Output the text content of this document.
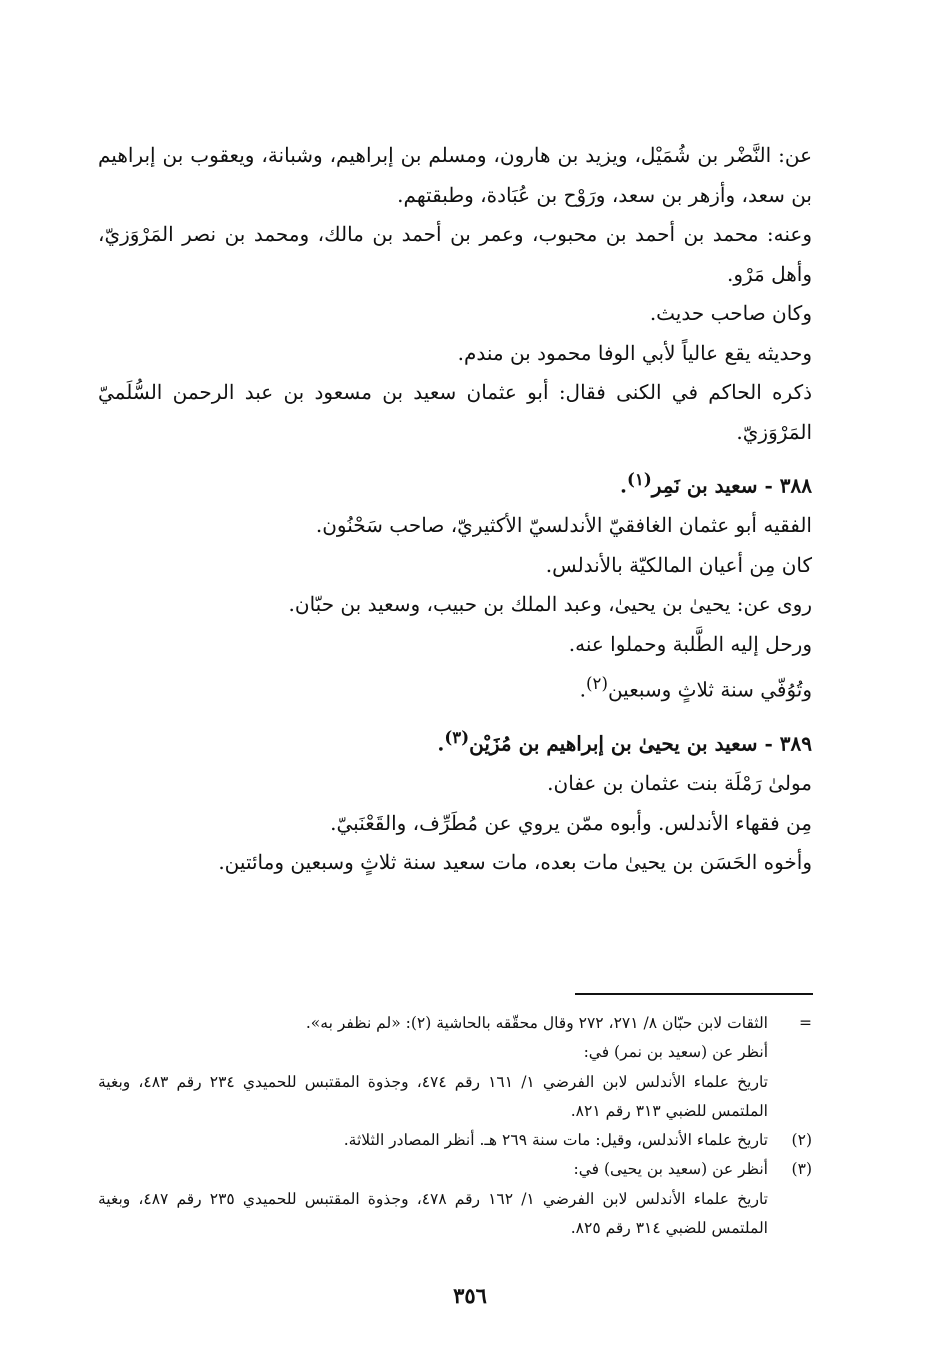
عن: النَّضْر بن شُمَيْل، ويزيد بن هارون، ومسلم بن إبراهيم، وشبانة، ويعقوب بن إبراهيم بن سعد، وأزهر بن سعد، ورَوْح بن عُبَادة، وطبقتهم.

وعنه: محمد بن أحمد بن محبوب، وعمر بن أحمد بن مالك، ومحمد بن نصر المَرْوَزيّ، وأهل مَرْو.

وكان صاحب حديث.

وحديثه يقع عالياً لأبي الوفا محمود بن مندم.

ذكره الحاكم في الكنى فقال: أبو عثمان سعيد بن مسعود بن عبد الرحمن السُّلَميّ المَرْوَزيّ.

٣٨٨ - سعيد بن نَمِر$^{(١)}$.

الفقيه أبو عثمان الغافقيّ الأندلسيّ الأكثيريّ، صاحب سَحْنُون.

كان مِن أعيان المالكيّة بالأندلس.

روى عن: يحيىٰ بن يحيىٰ، وعبد الملك بن حبيب، وسعيد بن حبّان.

ورحل إليه الطَّلبة وحملوا عنه.

وتُوُفّي سنة ثلاثٍ وسبعين$^{(٢)}$.

٣٨٩ - سعيد بن يحيىٰ بن إبراهيم بن مُزَيْن$^{(٣)}$.

مولىٰ رَمْلَة بنت عثمان بن عفان.

مِن فقهاء الأندلس. وأبوه ممّن يروي عن مُطَرِّف، والقَعْنَبيّ.

وأخوه الحَسَن بن يحيىٰ مات بعده، مات سعيد سنة ثلاثٍ وسبعين ومائتين.

=
الثقات لابن حبّان ٨/ ٢٧١، ٢٧٢ وقال محقّقه بالحاشية (٢): «لم نظفر به».
أنظر عن (سعيد بن نمر) في:
تاريخ علماء الأندلس لابن الفرضي ١/ ١٦١ رقم ٤٧٤، وجذوة المقتبس للحميدي ٢٣٤ رقم ٤٨٣، وبغية الملتمس للضبي ٣١٣ رقم ٨٢١.
(٢)
تاريخ علماء الأندلس، وقيل: مات سنة ٢٦٩ هـ. أنظر المصادر الثلاثة.
(٣)
أنظر عن (سعيد بن يحيى) في:
تاريخ علماء الأندلس لابن الفرضي ١/ ١٦٢ رقم ٤٧٨، وجذوة المقتبس للحميدي ٢٣٥ رقم ٤٨٧، وبغية الملتمس للضبي ٣١٤ رقم ٨٢٥.
٣٥٦
